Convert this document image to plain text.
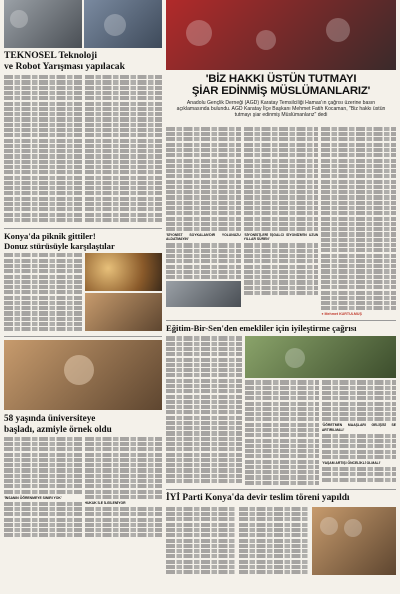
TEKNOSEL Teknoloji
ve Robot Yarışması yapılacak
Konya'da piknik gittiler!
Donuz stürüsüyle karşılaştılar
58 yaşında üniversiteye
başladı, azmiyle örnek oldu
'İNSANIN ÖĞRENMEYE SINIRI YOK'
HUKUK İLE İLGİLENİYOR
'BİZ HAKKI ÜSTÜN TUTMAYI
ŞİAR EDİNMİŞ MÜSLÜMANLARIZ'
Anadolu Gençlik Derneği (AGD) Karatay Temsilciliği Hamas'ın çağrısı üzerine basın açıklamasında bulundu. AGD Karatay İlçe Başkanı Mehmet Fatih Kocaman, "Biz hakkı üstün tutmayı şiar edinmiş Müslümanlarız" dedi
'SİYONİST SOYKALAN'DIR YOLUNUZU ALDATMAYIN'
'SİYONİSTLERİ İŞGALCI SİYONİZM'İN UZUN YILLAR SÜREN'
● Mehmet KURTULMUŞ
Eğitim-Bir-Sen'den emekliler için iyileştirme çağrısı
'ÖĞRETMEN MAAŞLARI GELİŞİSİ SE ARTIRILMALI'
'YAŞAM ARTIŞI ÖNCELİKLİ OLMALI'
İYİ Parti Konya'da devir teslim töreni yapıldı
